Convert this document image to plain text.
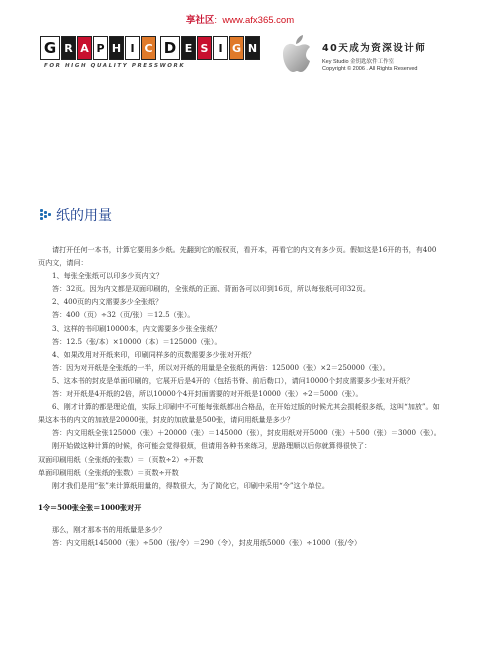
享社区: www.afx365.com
G R A P H I C D E S I G N
FOR HIGH QUALITY PRESSWORK
40天成为资深设计师
Key Studio 金钥匙软件工作室
Copyright © 2006 . All Rights Reserved
纸的用量

请打开任何一本书，计算它要用多少纸。先翻到它的版权页，看开本，再看它的内文有多少页。假如这是16开的书，有400页内文，请问：

1、每张全张纸可以印多少页内文？

答：32页。因为内文都是双面印刷的，全张纸的正面、背面各可以印到16页，所以每张纸可印32页。

2、400页的内文需要多少全张纸？

答：400（页）÷32（页/张）＝12.5（张）。

3、这样的书印刷10000本，内文需要多少张全张纸？

答：12.5（张/本）×10000（本）＝125000（张）。

4、如果改用对开纸来印，印刷同样多的页数需要多少张对开纸？

答：因为对开纸是全张纸的一半，所以对开纸的用量是全张纸的两倍：125000（张）×2＝250000（张）。

5、这本书的封皮是单面印刷的，它展开后是4开的（包括书脊、前后勒口），请问10000个封皮需要多少张对开纸？

答：对开纸是4开纸的2倍，所以10000个4开封面需要的对开纸是10000（张）÷2＝5000（张）。

6、刚才计算的都是理论值，实际上印刷中不可能每张纸都出合格品，在开始过版的时候尤其会损耗很多纸，这叫“加放”。如果这本书的内文的加放是20000张，封皮的加放量是500张，请问用纸量是多少？

答：内文用纸全张125000（张）＋20000（张）＝145000（张），封皮用纸对开5000（张）＋500（张）＝3000（张）。

刚开始做这种计算的时候，你可能会觉得很烦，但请用各种书来练习，思路理顺以后你就算得很快了：

双面印刷用纸（全张纸的张数）＝（页数÷2）÷开数

单面印刷用纸（全张纸的张数）＝页数÷开数

刚才我们是用“张”来计算纸用量的，得数很大，为了简化它，印刷中采用“令”这个单位。

1令＝500张全张＝1000张对开

那么，刚才那本书的用纸量是多少？

答：内文用纸145000（张）÷500（张/令）＝290（令），封皮用纸5000（张）÷1000（张/令）
